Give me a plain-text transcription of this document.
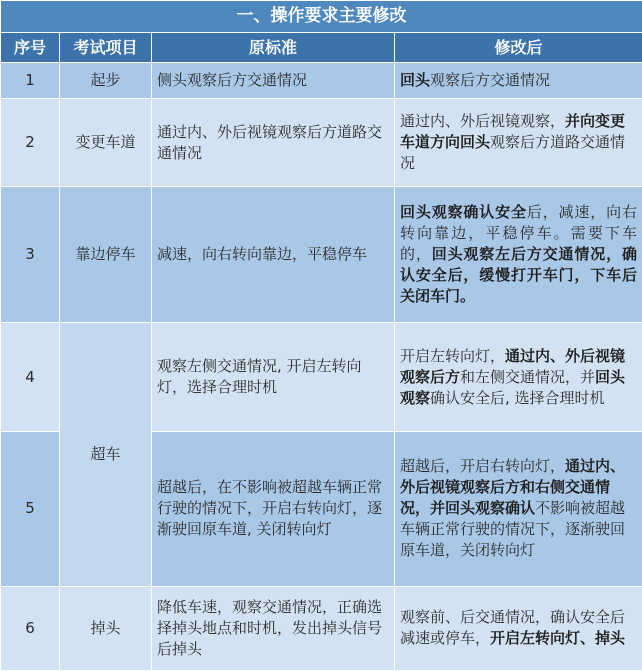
一、操作要求主要修改			
序号	考试项目	原标准	修改后
1	起步	侧头观察后方交通情况	回头观察后方交通情况
2	变更车道	通过内、外后视镜观察后方道路交通情况	通过内、外后视镜观察，并向变更车道方向回头观察后方道路交通情况
3	靠边停车	减速，向右转向靠边，平稳停车	回头观察确认安全后，减速，向右转向靠边，平稳停车。需要下车的，回头观察左后方交通情况，确认安全后，缓慢打开车门，下车后关闭车门。
4	超车	观察左侧交通情况, 开启左转向灯，选择合理时机	开启左转向灯，通过内、外后视镜观察后方和左侧交通情况，并回头观察确认安全后, 选择合理时机
5		超越后，在不影响被超越车辆正常行驶的情况下，开启右转向灯，逐渐驶回原车道, 关闭转向灯	超越后，开启右转向灯，通过内、外后视镜观察后方和右侧交通情况，并回头观察确认不影响被超越车辆正常行驶的情况下，逐渐驶回原车道，关闭转向灯
6	掉头	降低车速，观察交通情况，正确选择掉头地点和时机，发出掉头信号后掉头	观察前、后交通情况，确认安全后减速或停车，开启左转向灯、掉头
